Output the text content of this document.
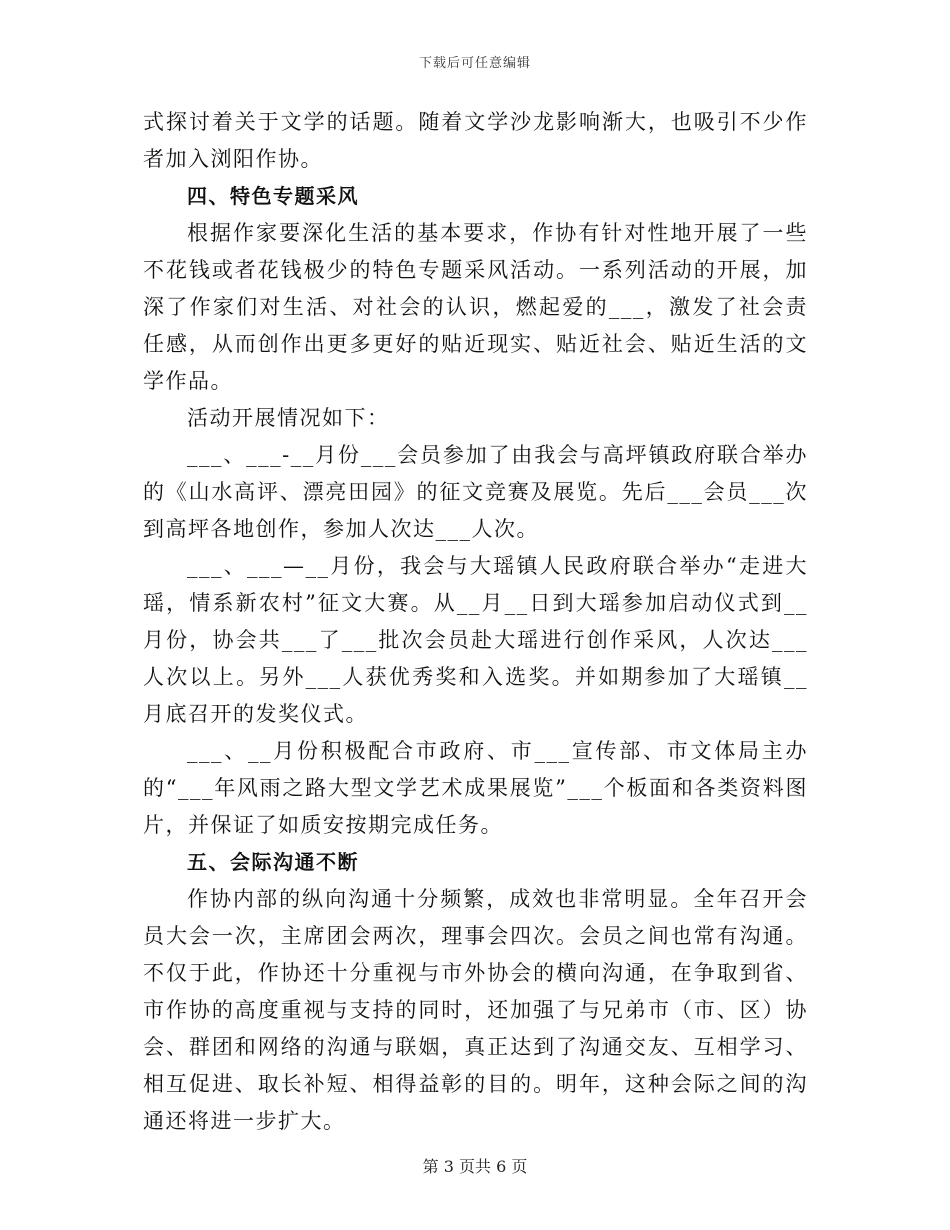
下载后可任意编辑

式探讨着关于文学的话题。随着文学沙龙影响渐大，也吸引不少作者加入浏阳作协。

四、特色专题采风

根据作家要深化生活的基本要求，作协有针对性地开展了一些不花钱或者花钱极少的特色专题采风活动。一系列活动的开展，加深了作家们对生活、对社会的认识，燃起爱的___，激发了社会责任感，从而创作出更多更好的贴近现实、贴近社会、贴近生活的文学作品。

活动开展情况如下：

___、___-__月份___会员参加了由我会与高坪镇政府联合举办的《山水高评、漂亮田园》的征文竞赛及展览。先后___会员___次到高坪各地创作，参加人次达___人次。

___、___—__月份，我会与大瑶镇人民政府联合举办“走进大瑶，情系新农村”征文大赛。从__月__日到大瑶参加启动仪式到__月份，协会共___了___批次会员赴大瑶进行创作采风，人次达___人次以上。另外___人获优秀奖和入选奖。并如期参加了大瑶镇__月底召开的发奖仪式。

___、__月份积极配合市政府、市___宣传部、市文体局主办的“___年风雨之路大型文学艺术成果展览”___个板面和各类资料图片，并保证了如质安按期完成任务。

五、会际沟通不断

作协内部的纵向沟通十分频繁，成效也非常明显。全年召开会员大会一次，主席团会两次，理事会四次。会员之间也常有沟通。不仅于此，作协还十分重视与市外协会的横向沟通，在争取到省、市作协的高度重视与支持的同时，还加强了与兄弟市（市、区）协会、群团和网络的沟通与联姻，真正达到了沟通交友、互相学习、相互促进、取长补短、相得益彰的目的。明年，这种会际之间的沟通还将进一步扩大。

第 3 页共 6 页
